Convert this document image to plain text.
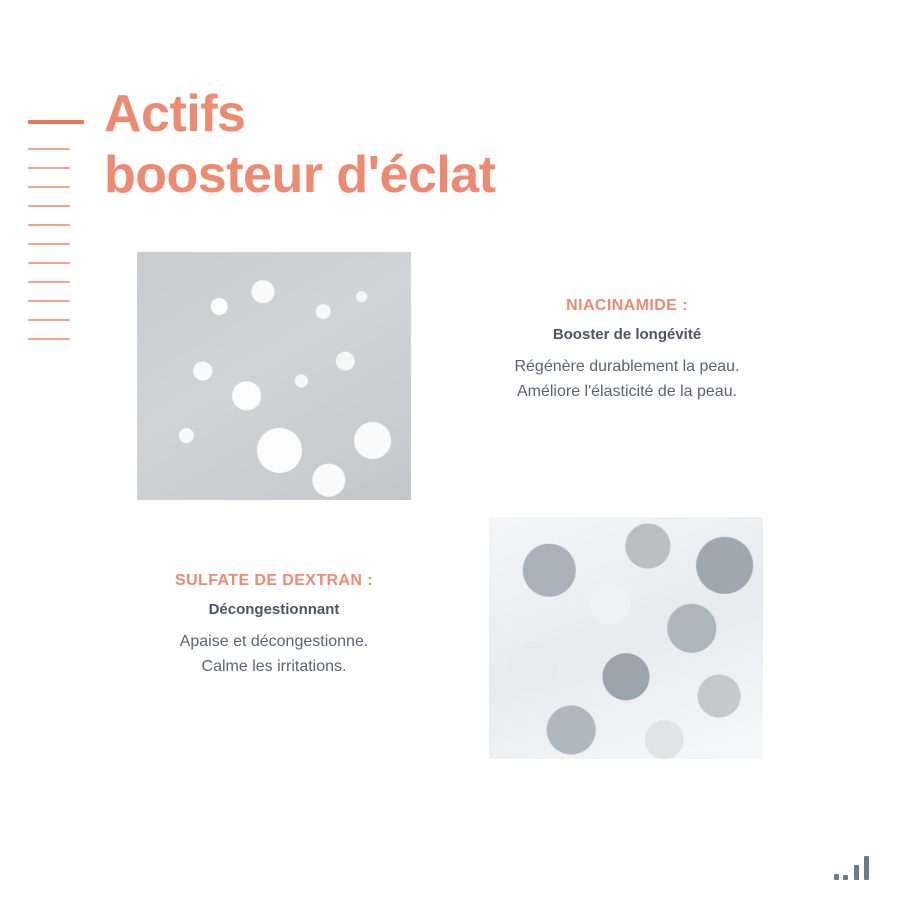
Actifs
boosteur d'éclat
NIACINAMIDE :
Booster de longévité
Régénère durablement la peau.
Améliore l'élasticité de la peau.
SULFATE DE DEXTRAN :
Décongestionnant
Apaise et décongestionne.
Calme les irritations.
